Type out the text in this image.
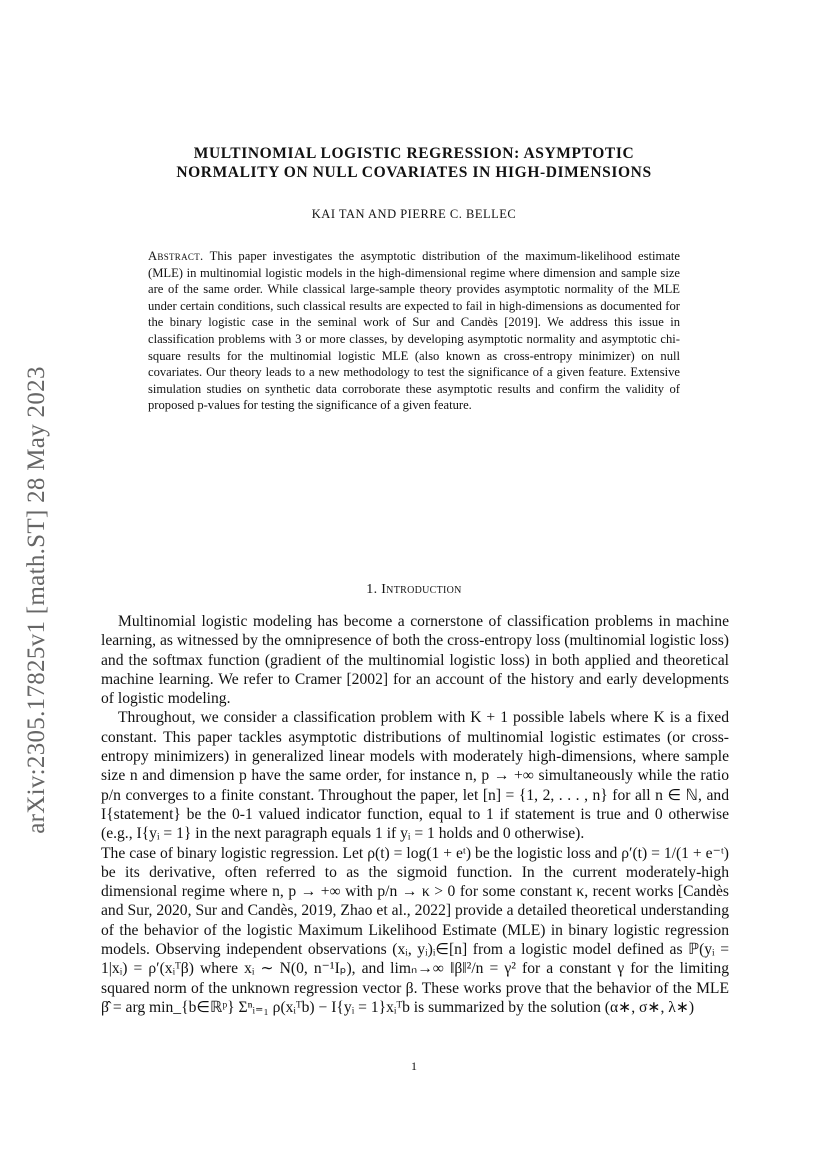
arXiv:2305.17825v1 [math.ST] 28 May 2023
MULTINOMIAL LOGISTIC REGRESSION: ASYMPTOTIC
NORMALITY ON NULL COVARIATES IN HIGH-DIMENSIONS
KAI TAN AND PIERRE C. BELLEC
Abstract. This paper investigates the asymptotic distribution of the maximum-likelihood estimate (MLE) in multinomial logistic models in the high-dimensional regime where dimension and sample size are of the same order. While classical large-sample theory provides asymptotic normality of the MLE under certain conditions, such classical results are expected to fail in high-dimensions as documented for the binary logistic case in the seminal work of Sur and Candès [2019]. We address this issue in classification problems with 3 or more classes, by developing asymptotic normality and asymptotic chi-square results for the multinomial logistic MLE (also known as cross-entropy minimizer) on null covariates. Our theory leads to a new methodology to test the significance of a given feature. Extensive simulation studies on synthetic data corroborate these asymptotic results and confirm the validity of proposed p-values for testing the significance of a given feature.
1. Introduction

Multinomial logistic modeling has become a cornerstone of classification problems in machine learning, as witnessed by the omnipresence of both the cross-entropy loss (multinomial logistic loss) and the softmax function (gradient of the multinomial logistic loss) in both applied and theoretical machine learning. We refer to Cramer [2002] for an account of the history and early developments of logistic modeling.

Throughout, we consider a classification problem with K + 1 possible labels where K is a fixed constant. This paper tackles asymptotic distributions of multinomial logistic estimates (or cross-entropy minimizers) in generalized linear models with moderately high-dimensions, where sample size n and dimension p have the same order, for instance n, p → +∞ simultaneously while the ratio p/n converges to a finite constant. Throughout the paper, let [n] = {1, 2, . . . , n} for all n ∈ ℕ, and I{statement} be the 0-1 valued indicator function, equal to 1 if statement is true and 0 otherwise (e.g., I{yᵢ = 1} in the next paragraph equals 1 if yᵢ = 1 holds and 0 otherwise).

The case of binary logistic regression. Let ρ(t) = log(1 + eᵗ) be the logistic loss and ρ′(t) = 1/(1 + e⁻ᵗ) be its derivative, often referred to as the sigmoid function. In the current moderately-high dimensional regime where n, p → +∞ with p/n → κ > 0 for some constant κ, recent works [Candès and Sur, 2020, Sur and Candès, 2019, Zhao et al., 2022] provide a detailed theoretical understanding of the behavior of the logistic Maximum Likelihood Estimate (MLE) in binary logistic regression models. Observing independent observations (xᵢ, yᵢ)ᵢ∈[n] from a logistic model defined as ℙ(yᵢ = 1|xᵢ) = ρ′(xᵢᵀβ) where xᵢ ∼ N(0, n⁻¹Iₚ), and limₙ→∞ ‖β‖²/n = γ² for a constant γ for the limiting squared norm of the unknown regression vector β. These works prove that the behavior of the MLE β̂ = arg min_{b∈ℝᵖ} Σⁿᵢ₌₁ ρ(xᵢᵀb) − I{yᵢ = 1}xᵢᵀb is summarized by the solution (α∗, σ∗, λ∗)

1
